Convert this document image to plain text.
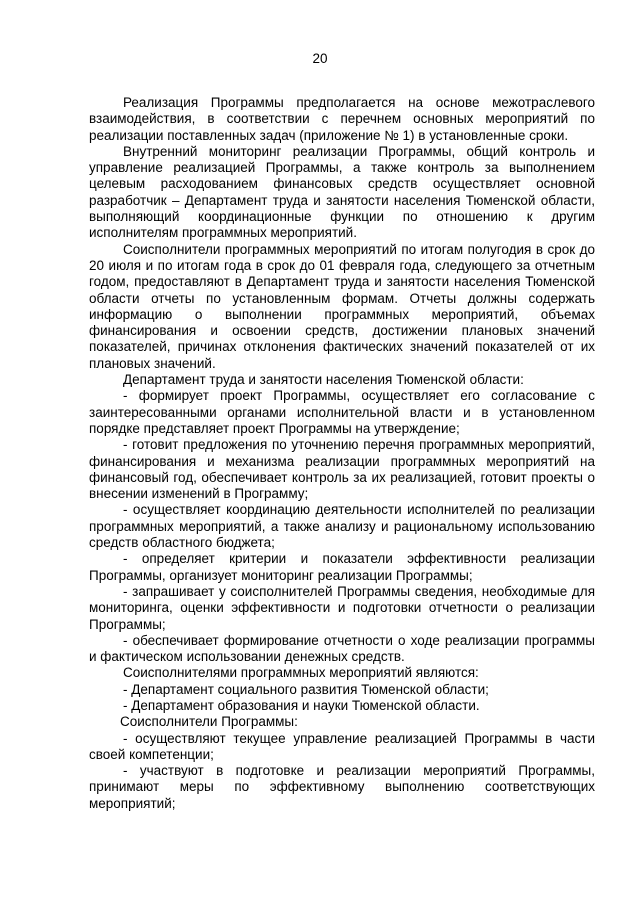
20

Реализация Программы предполагается на основе межотраслевого взаимодействия, в соответствии с перечнем основных мероприятий по реализации поставленных задач (приложение № 1) в установленные сроки.

Внутренний мониторинг реализации Программы, общий контроль и управление реализацией Программы, а также контроль за выполнением целевым расходованием финансовых средств осуществляет основной разработчик – Департамент труда и занятости населения Тюменской области, выполняющий координационные функции по отношению к другим исполнителям программных мероприятий.

Соисполнители программных мероприятий по итогам полугодия в срок до 20 июля и по итогам года в срок до 01 февраля года, следующего за отчетным годом, предоставляют в Департамент труда и занятости населения Тюменской области отчеты по установленным формам. Отчеты должны содержать информацию о выполнении программных мероприятий, объемах финансирования и освоении средств, достижении плановых значений показателей, причинах отклонения фактических значений показателей от их плановых значений.

Департамент труда и занятости населения Тюменской области:

- формирует проект Программы, осуществляет его согласование с заинтересованными органами исполнительной власти и в установленном порядке представляет проект Программы на утверждение;

- готовит предложения по уточнению перечня программных мероприятий, финансирования и механизма реализации программных мероприятий на финансовый год, обеспечивает контроль за их реализацией, готовит проекты о внесении изменений в Программу;

- осуществляет координацию деятельности исполнителей по реализации программных мероприятий, а также анализу и рациональному использованию средств областного бюджета;

- определяет критерии и показатели эффективности реализации Программы, организует мониторинг реализации Программы;

- запрашивает у соисполнителей Программы сведения, необходимые для мониторинга, оценки эффективности и подготовки отчетности о реализации Программы;

- обеспечивает формирование отчетности о ходе реализации программы и фактическом использовании денежных средств.

Соисполнителями программных мероприятий являются:

- Департамент социального развития Тюменской области;

- Департамент образования и науки Тюменской области.

Соисполнители Программы:

- осуществляют текущее управление реализацией Программы в части своей компетенции;

- участвуют в подготовке и реализации мероприятий Программы, принимают меры по эффективному выполнению соответствующих мероприятий;
